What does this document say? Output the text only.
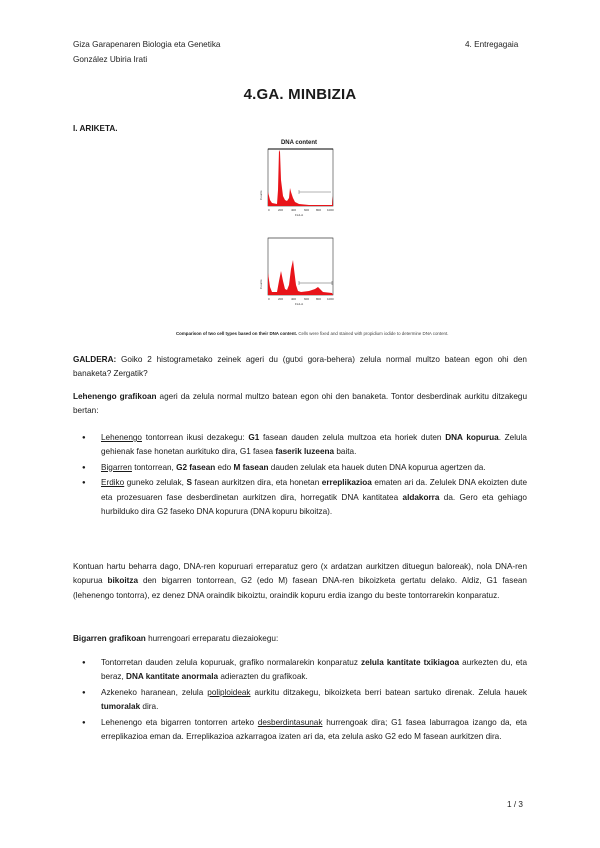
Giza Garapenaren Biologia eta Genetika
González Ubiria Irati
4. Entregagaia
4.GA. MINBIZIA
I. ARIKETA.
DNA content
Counts
0	200	400	600 800 1000
FL2-A
Counts
0	200	400	600 800 1000
FL2-A
Comparison of two cell types based on their DNA content. Cells were fixed and stained with propidium iodide to determine DNA content.
GALDERA: Goiko 2 histogrametako zeinek ageri du (gutxi gora-behera) zelula normal multzo batean egon ohi den banaketa? Zergatik?
Lehenengo grafikoan ageri da zelula normal multzo batean egon ohi den banaketa. Tontor desberdinak aurkitu ditzakegu bertan:
● Lehenengo tontorrean ikusi dezakegu: G1 fasean dauden zelula multzoa eta horiek duten DNA kopurua. Zelula gehienak fase honetan aurkituko dira, G1 fasea faserik luzeena baita.
● Bigarren tontorrean, G2 fasean edo M fasean dauden zelulak eta hauek duten DNA kopurua agertzen da.
● Erdiko guneko zelulak, S fasean aurkitzen dira, eta honetan erreplikazioa ematen ari da. Zelulek DNA ekoizten dute eta prozesuaren fase desberdinetan aurkitzen dira, horregatik DNA kantitatea aldakorra da. Gero eta gehiago hurbilduko dira G2 faseko DNA kopurura (DNA kopuru bikoitza).
Kontuan hartu beharra dago, DNA-ren kopuruari erreparatuz gero (x ardatzan aurkitzen dituegun baloreak), nola DNA-ren kopurua bikoitza den bigarren tontorrean, G2 (edo M) fasean DNA-ren bikoizketa gertatu delako. Aldiz, G1 fasean (lehenengo tontorra), ez denez DNA oraindik bikoiztu, oraindik kopuru erdia izango du beste tontorrarekin konparatuz.
Bigarren grafikoan hurrengoari erreparatu diezaiokegu:
● Tontorretan dauden zelula kopuruak, grafiko normalarekin konparatuz zelula kantitate txikiagoa aurkezten du, eta beraz, DNA kantitate anormala adierazten du grafikoak.
● Azkeneko haranean, zelula poliploideak aurkitu ditzakegu, bikoizketa berri batean sartuko direnak. Zelula hauek tumoralak dira.
● Lehenengo eta bigarren tontorren arteko desberdintasunak hurrengoak dira; G1 fasea laburragoa izango da, eta erreplikazioa eman da. Erreplikazioa azkarragoa izaten ari da, eta zelula asko G2 edo M fasean aurkitzen dira.
1 / 3
